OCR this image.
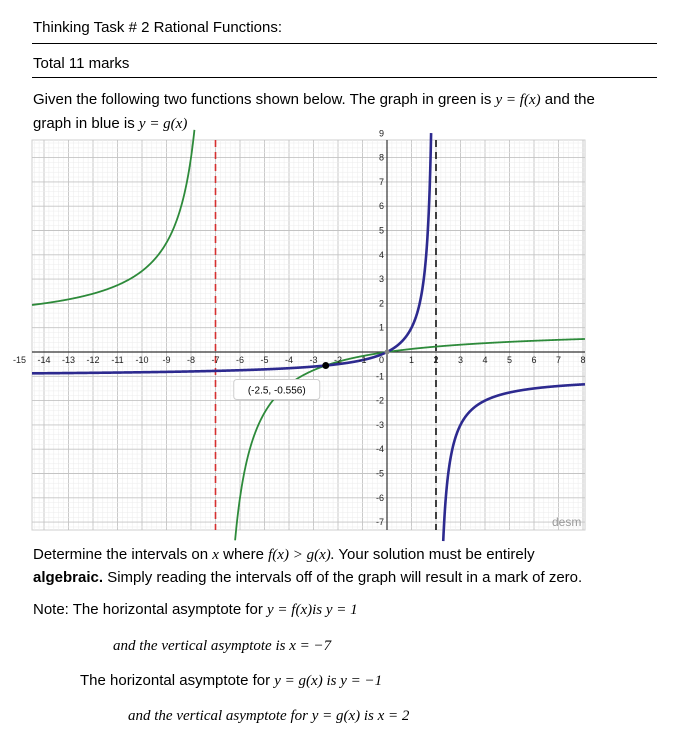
Thinking Task # 2 Rational Functions:
Total 11 marks
Given the following two functions shown below. The graph in green is y = f(x) and the
graph in blue is y = g(x)
-15 -14 -13 -12 -11 -10 -9 -8 -7 -6 -5 -4 -3 -2 -1	1 2 3 4 5 6 7 8
1
2
3
4
5
6
7
8
9
-1
-2
-3
-4
-5
-6
-7
0
(-2.5, -0.556)
desm
Determine the intervals on x where f(x) > g(x). Your solution must be entirely
algebraic. Simply reading the intervals off of the graph will result in a mark of zero.
Note: The horizontal asymptote for y = f(x)is y = 1
and the vertical asymptote is x = −7
The horizontal asymptote for y = g(x) is y = −1
and the vertical asymptote for y = g(x) is x = 2
